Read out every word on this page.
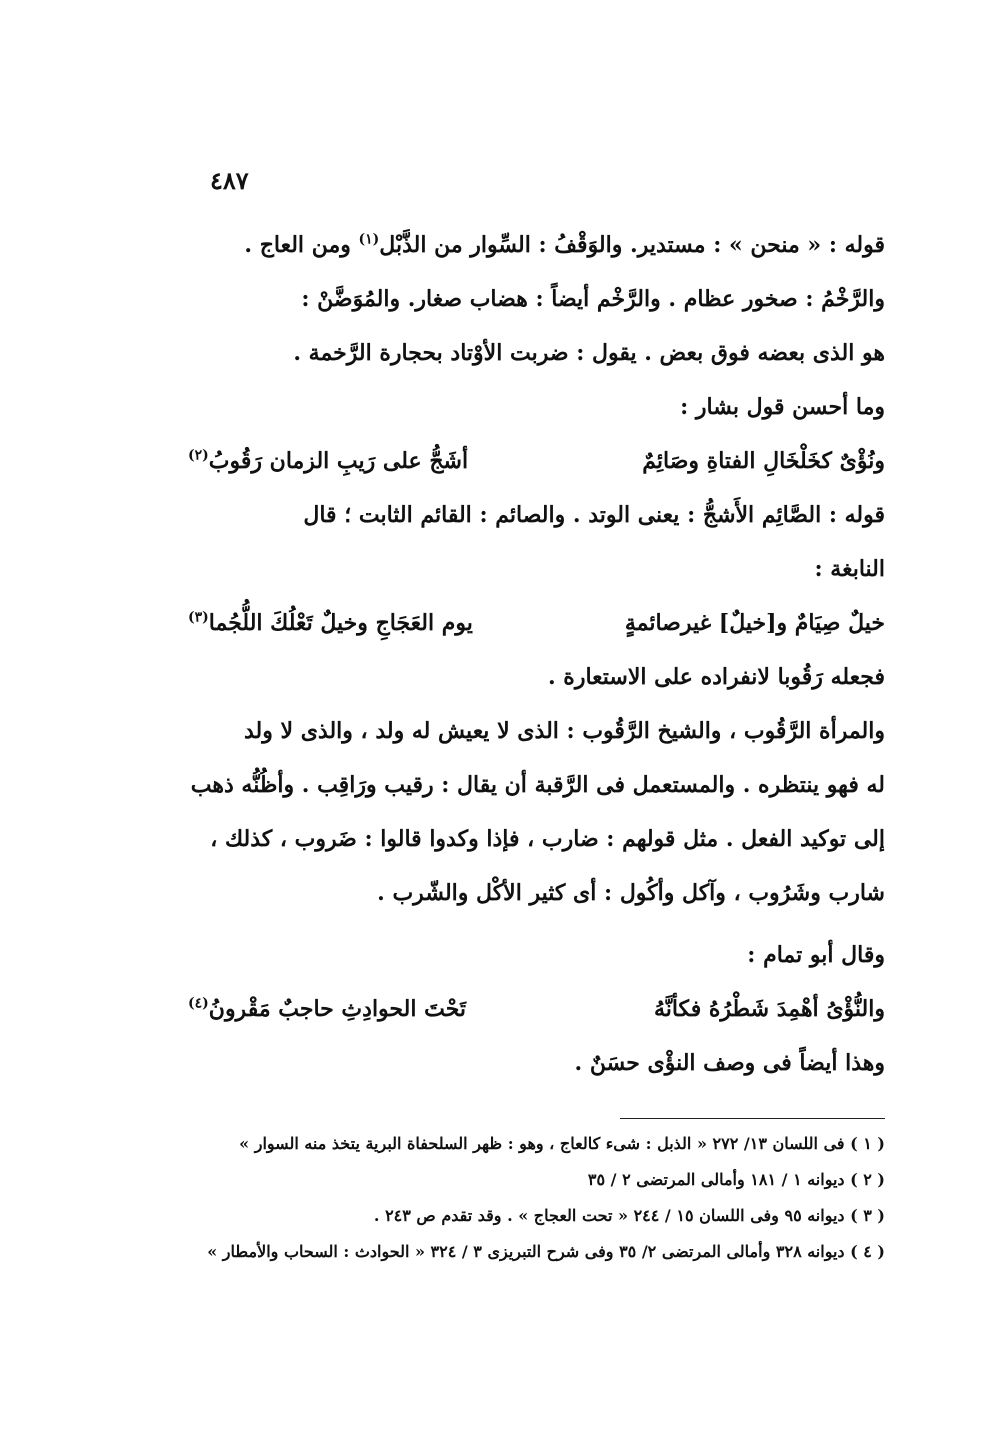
٤٨٧
قوله : « منحن » : مستدير. والوَقْفُ : السِّوار من الذَّبْل$^{(١)}$ ومن العاج .
والرَّخْمُ : صخور عظام . والرَّخْم أيضاً : هضاب صغار. والمُوَضَّنْ :
هو الذى بعضه فوق بعض . يقول : ضربت الأوْتاد بحجارة الرَّخمة .
وما أحسن قول بشار :
ونُؤْىٌ كخَلْخَالِ الفتاةِ وصَائِمٌ
أشَجُّ على رَيبِ الزمان رَقُوبُ$^{(٢)}$
قوله : الصَّائِم الأَشجُّ : يعنى الوتد . والصائم : القائم الثابت ؛ قال
النابغة :
خيلٌ صِيَامٌ و[خيلٌ] غيرصائمةٍ
يوم العَجَاجِ وخيلٌ تَعْلُكَ اللُّجُما$^{(٣)}$
فجعله رَقُوبا لانفراده على الاستعارة .
والمرأة الرَّقُوب ، والشيخ الرَّقُوب : الذى لا يعيش له ولد ، والذى لا ولد
له فهو ينتظره . والمستعمل فى الرَّقبة أن يقال : رقيب ورَاقِب . وأظُنُّه ذهب
إلى توكيد الفعل . مثل قولهم : ضارب ، فإذا وكدوا قالوا : ضَروب ، كذلك ،
شارب وشَرُوب ، وآكل وأكُول : أى كثير الأكْل والشّرب .
وقال أبو تمام :
والنُّؤْىُ أهْمِدَ شَطْرُهُ فكأنَّهُ
تَحْتَ الحوادِثِ حاجبٌ مَقْرونُ$^{(٤)}$
وهذا أيضاً فى وصف النؤْى حسَنٌ .
( ١ ) فى اللسان ١٣/ ٢٧٢ « الذبل : شىء كالعاج ، وهو : ظهر السلحفاة البرية يتخذ منه السوار »
( ٢ ) ديوانه ١ / ١٨١ وأمالى المرتضى ٢ / ٣٥
( ٣ ) ديوانه ٩٥ وفى اللسان ١٥ / ٢٤٤ « تحت العجاج » . وقد تقدم ص ٢٤٣ .
( ٤ ) ديوانه ٣٢٨ وأمالى المرتضى ٢/ ٣٥ وفى شرح التبريزى ٣ / ٣٢٤ « الحوادث : السحاب والأمطار »
